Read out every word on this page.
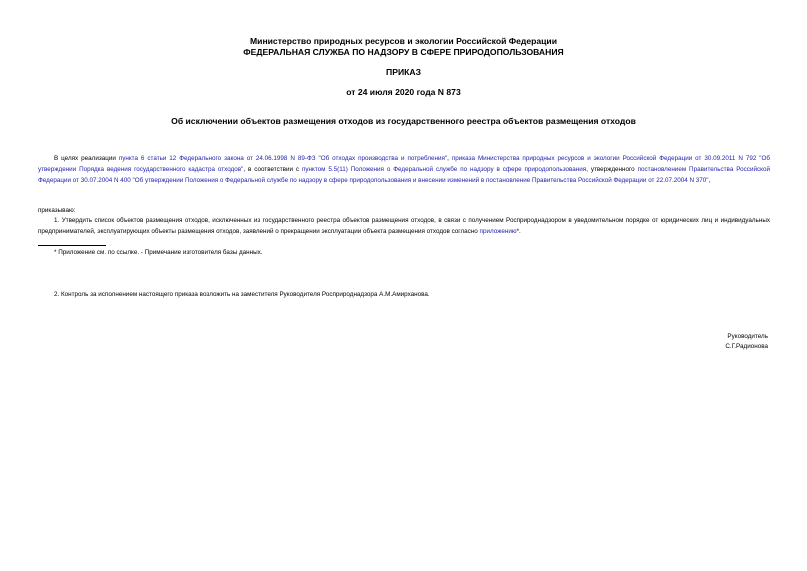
Министерство природных ресурсов и экологии Российской Федерации
ФЕДЕРАЛЬНАЯ СЛУЖБА ПО НАДЗОРУ В СФЕРЕ ПРИРОДОПОЛЬЗОВАНИЯ
ПРИКАЗ
от 24 июля 2020 года N 873
Об исключении объектов размещения отходов из государственного реестра объектов размещения отходов
В целях реализации пункта 6 статьи 12 Федерального закона от 24.06.1998 N 89-ФЗ "Об отходах производства и потребления", приказа Министерства природных ресурсов и экологии Российской Федерации от 30.09.2011 N 792 "Об утверждении Порядка ведения государственного кадастра отходов", в соответствии с пунктом 5.5(11) Положения о Федеральной службе по надзору в сфере природопользования, утвержденного постановлением Правительства Российской Федерации от 30.07.2004 N 400 "Об утверждении Положения о Федеральной службе по надзору в сфере природопользования и внесении изменений в постановление Правительства Российской Федерации от 22.07.2004 N 370",
приказываю:
1. Утвердить список объектов размещения отходов, исключенных из государственного реестра объектов размещения отходов, в связи с получением Росприроднадзором в уведомительном порядке от юридических лиц и индивидуальных предпринимателей, эксплуатирующих объекты размещения отходов, заявлений о прекращении эксплуатации объекта размещения отходов согласно приложению*.
* Приложение см. по ссылке. - Примечание изготовителя базы данных.
2. Контроль за исполнением настоящего приказа возложить на заместителя Руководителя Росприроднадзора А.М.Амирханова.
Руководитель
С.Г.Радионова
